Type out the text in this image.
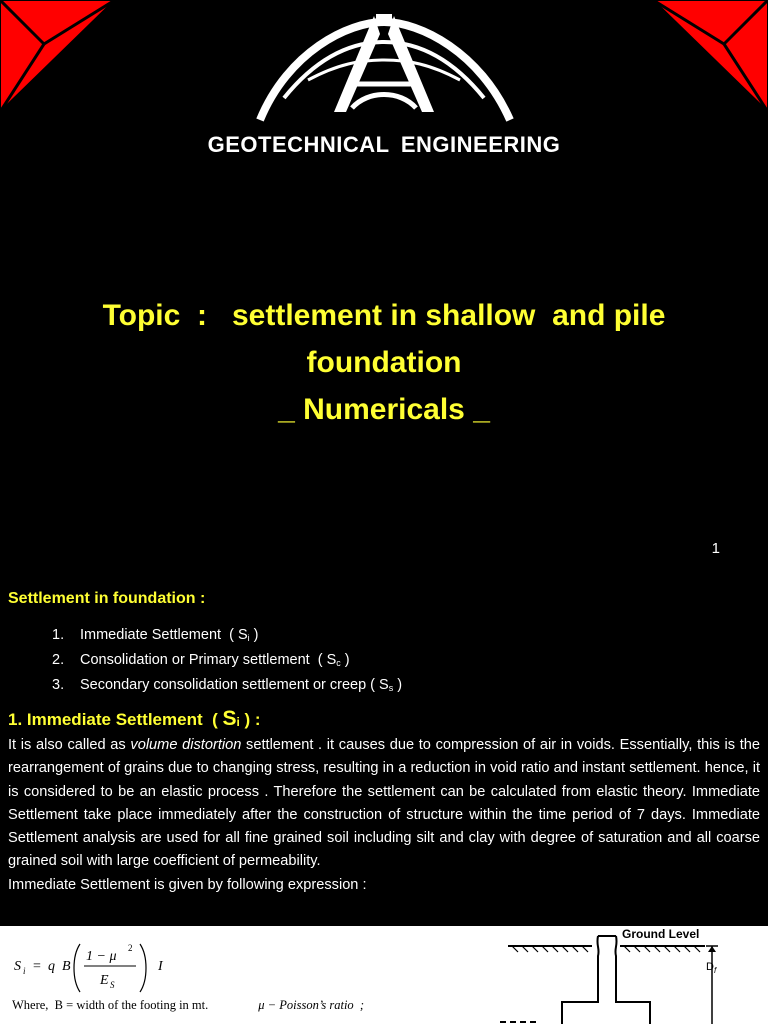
GEOTECHNICAL ENGINEERING
Topic  :   settlement in shallow  and pile
foundation
_ Numericals _
1
Settlement in foundation :
1. Immediate Settlement  ( $S_i$ )
2. Consolidation or Primary settlement  ( $S_c$ )
3. Secondary consolidation settlement or creep ( $S_s$ )
1. Immediate Settlement  ( Si ) :

It is also called as volume distortion settlement . it causes due to compression of air in voids. Essentially, this is the rearrangement of grains due to changing stress, resulting in a reduction in void ratio and instant settlement. hence, it is considered to be an elastic process . Therefore the settlement can be calculated from elastic theory. Immediate Settlement take place immediately after the construction of structure within the time period of 7 days. Immediate Settlement analysis are used for all fine grained soil including silt and clay with degree of saturation and all coarse grained soil with large coefficient of permeability.

Immediate Settlement is given by following expression :

S i = q B
1 − μ
2
E S
I
Where,  B = width of the footing in mt.	μ − Poisson’s ratio  ;
Ground Level
D f
